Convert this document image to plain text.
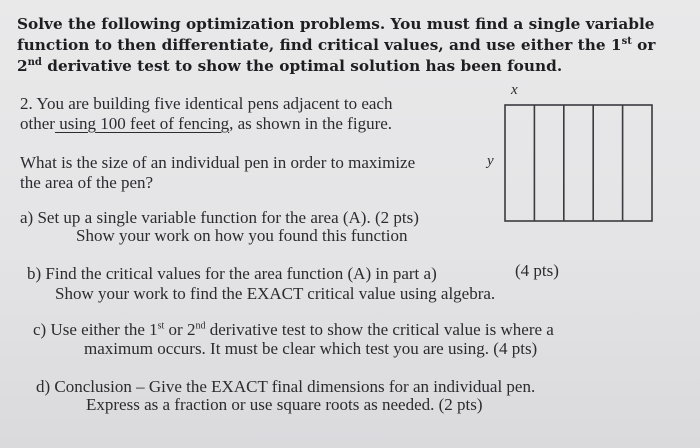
Solve the following optimization problems. You must find a single variable
function to then differentiate, find critical values, and use either the 1st or
2nd derivative test to show the optimal solution has been found.
2. You are building five identical pens adjacent to each
other using 100 feet of fencing, as shown in the figure.
What is the size of an individual pen in order to maximize
the area of the pen?
x
y
a) Set up a single variable function for the area (A). (2 pts)
Show your work on how you found this function
b) Find the critical values for the area function (A) in part a)	(4 pts)
Show your work to find the EXACT critical value using algebra.
c) Use either the 1st or 2nd derivative test to show the critical value is where a
maximum occurs. It must be clear which test you are using. (4 pts)
d) Conclusion – Give the EXACT final dimensions for an individual pen.
Express as a fraction or use square roots as needed. (2 pts)
